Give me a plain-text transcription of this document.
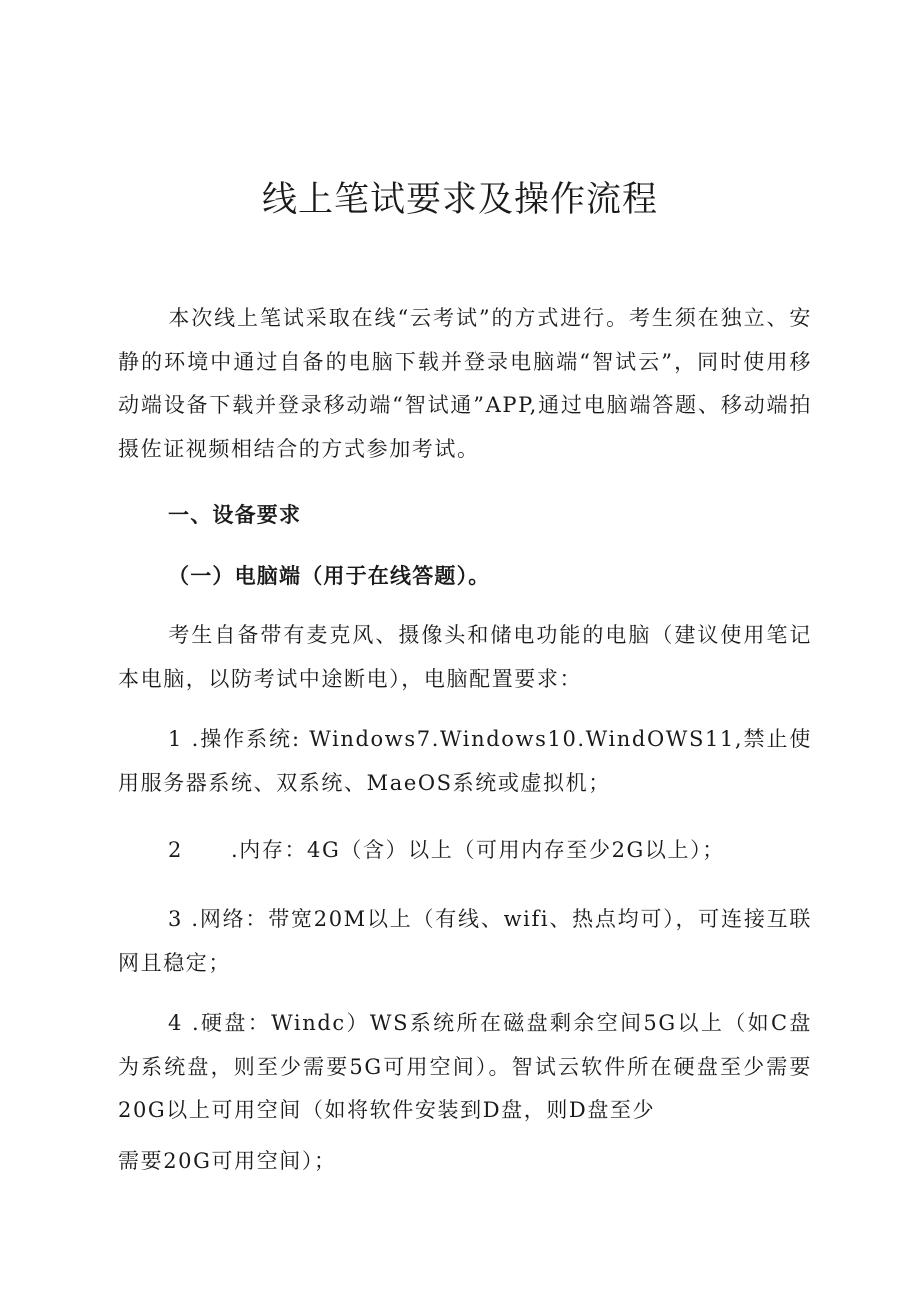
线上笔试要求及操作流程

本次线上笔试采取在线“云考试”的方式进行。考生须在独立、安静的环境中通过自备的电脑下载并登录电脑端“智试云”，同时使用移动端设备下载并登录移动端“智试通”APP,通过电脑端答题、移动端拍摄佐证视频相结合的方式参加考试。

一、设备要求

（一）电脑端（用于在线答题）。

考生自备带有麦克风、摄像头和储电功能的电脑（建议使用笔记本电脑，以防考试中途断电），电脑配置要求：

1 .操作系统: Windows7.Windows10.WindOWS11,禁止使用服务器系统、双系统、MaeOS系统或虚拟机；

2 .内存：4G（含）以上（可用内存至少2G以上）；

3 .网络：带宽20M以上（有线、wifi、热点均可），可连接互联网且稳定；

4 .硬盘：Windc）WS系统所在磁盘剩余空间5G以上（如C盘为系统盘，则至少需要5G可用空间）。智试云软件所在硬盘至少需要20G以上可用空间（如将软件安装到D盘，则D盘至少

需要20G可用空间）；
